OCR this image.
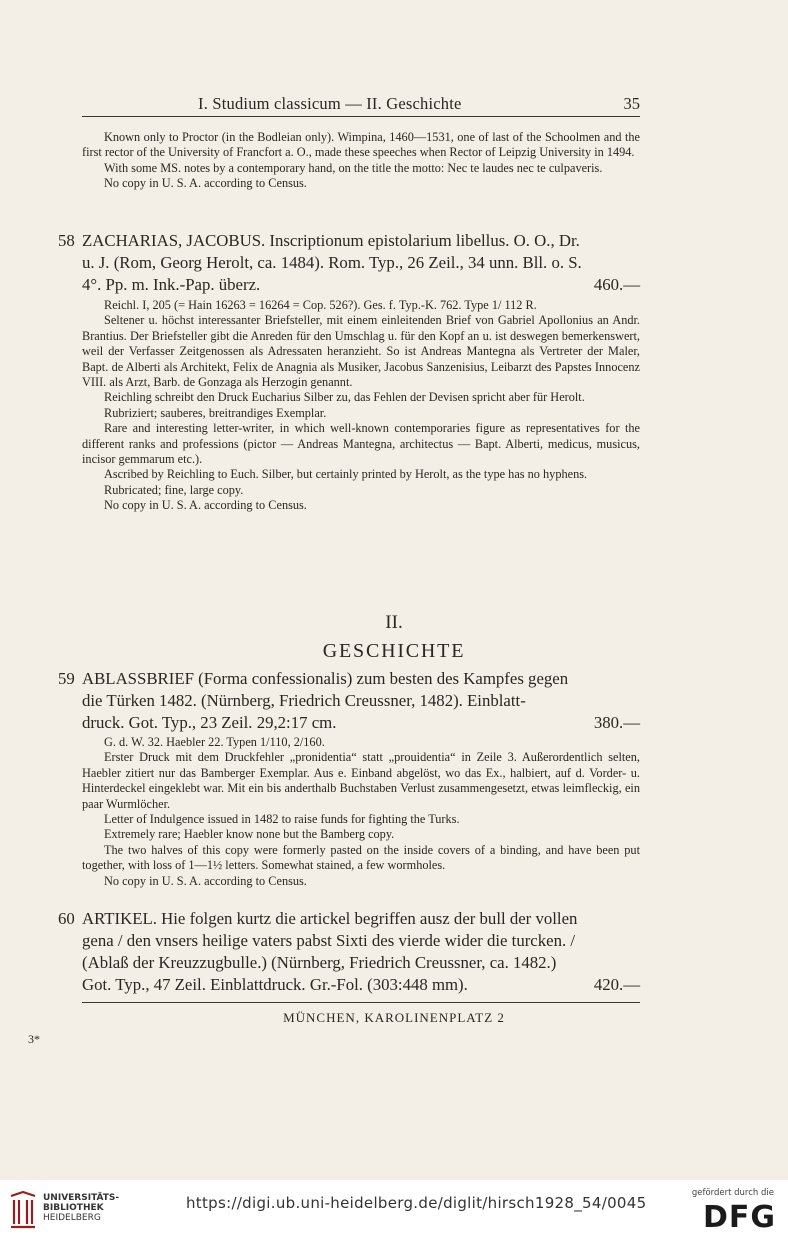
I. Studium classicum — II. Geschichte	35

Known only to Proctor (in the Bodleian only). Wimpina, 1460—1531, one of last of the Schoolmen and the first rector of the University of Francfort a. O., made these speeches when Rector of Leipzig University in 1494.

With some MS. notes by a contemporary hand, on the title the motto: Nec te laudes nec te culpaveris.

No copy in U. S. A. according to Census.

58 ZACHARIAS, JACOBUS. Inscriptionum epistolarium libellus. O. O., Dr.
u. J. (Rom, Georg Herolt, ca. 1484). Rom. Typ., 26 Zeil., 34 unn. Bll. o. S.
4°. Pp. m. Ink.-Pap. überz.	460.—

Reichl. I, 205 (= Hain 16263 = 16264 = Cop. 526?). Ges. f. Typ.-K. 762. Type 1/ 112 R.

Seltener u. höchst interessanter Briefsteller, mit einem einleitenden Brief von Gabriel Apollonius an Andr. Brantius. Der Briefsteller gibt die Anreden für den Umschlag u. für den Kopf an u. ist deswegen bemerkenswert, weil der Verfasser Zeitgenossen als Adressaten heranzieht. So ist Andreas Mantegna als Vertreter der Maler, Bapt. de Alberti als Architekt, Felix de Anagnia als Musiker, Jacobus Sanzenisius, Leibarzt des Papstes Innocenz VIII. als Arzt, Barb. de Gonzaga als Herzogin genannt.

Reichling schreibt den Druck Eucharius Silber zu, das Fehlen der Devisen spricht aber für Herolt.

Rubriziert; sauberes, breitrandiges Exemplar.

Rare and interesting letter-writer, in which well-known contemporaries figure as representatives for the different ranks and professions (pictor — Andreas Mantegna, architectus — Bapt. Alberti, medicus, musicus, incisor gemmarum etc.).

Ascribed by Reichling to Euch. Silber, but certainly printed by Herolt, as the type has no hyphens.

Rubricated; fine, large copy.

No copy in U. S. A. according to Census.

II.
GESCHICHTE
59 ABLASSBRIEF (Forma confessionalis) zum besten des Kampfes gegen
die Türken 1482. (Nürnberg, Friedrich Creussner, 1482). Einblatt-
druck. Got. Typ., 23 Zeil. 29,2:17 cm.	380.—

G. d. W. 32. Haebler 22. Typen 1/110, 2/160.

Erster Druck mit dem Druckfehler „pronidentia“ statt „prouidentia“ in Zeile 3. Außerordentlich selten, Haebler zitiert nur das Bamberger Exemplar. Aus e. Einband abgelöst, wo das Ex., halbiert, auf d. Vorder- u. Hinterdeckel eingeklebt war. Mit ein bis anderthalb Buchstaben Verlust zusammengesetzt, etwas leimfleckig, ein paar Wurmlöcher.

Letter of Indulgence issued in 1482 to raise funds for fighting the Turks.

Extremely rare; Haebler know none but the Bamberg copy.

The two halves of this copy were formerly pasted on the inside covers of a binding, and have been put together, with loss of 1—1½ letters. Somewhat stained, a few wormholes.

No copy in U. S. A. according to Census.

60 ARTIKEL. Hie folgen kurtz die artickel begriffen ausz der bull der vollen
gena / den vnsers heilige vaters pabst Sixti des vierde wider die turcken. /
(Ablaß der Kreuzzugbulle.) (Nürnberg, Friedrich Creussner, ca. 1482.)
Got. Typ., 47 Zeil. Einblattdruck. Gr.-Fol. (303:448 mm).	420.—
MÜNCHEN, KAROLINENPLATZ 2
3*
UNIVERSITÄTS-
BIBLIOTHEK
HEIDELBERG
https://digi.ub.uni-heidelberg.de/diglit/hirsch1928_54/0045
gefördert durch die
DFG
